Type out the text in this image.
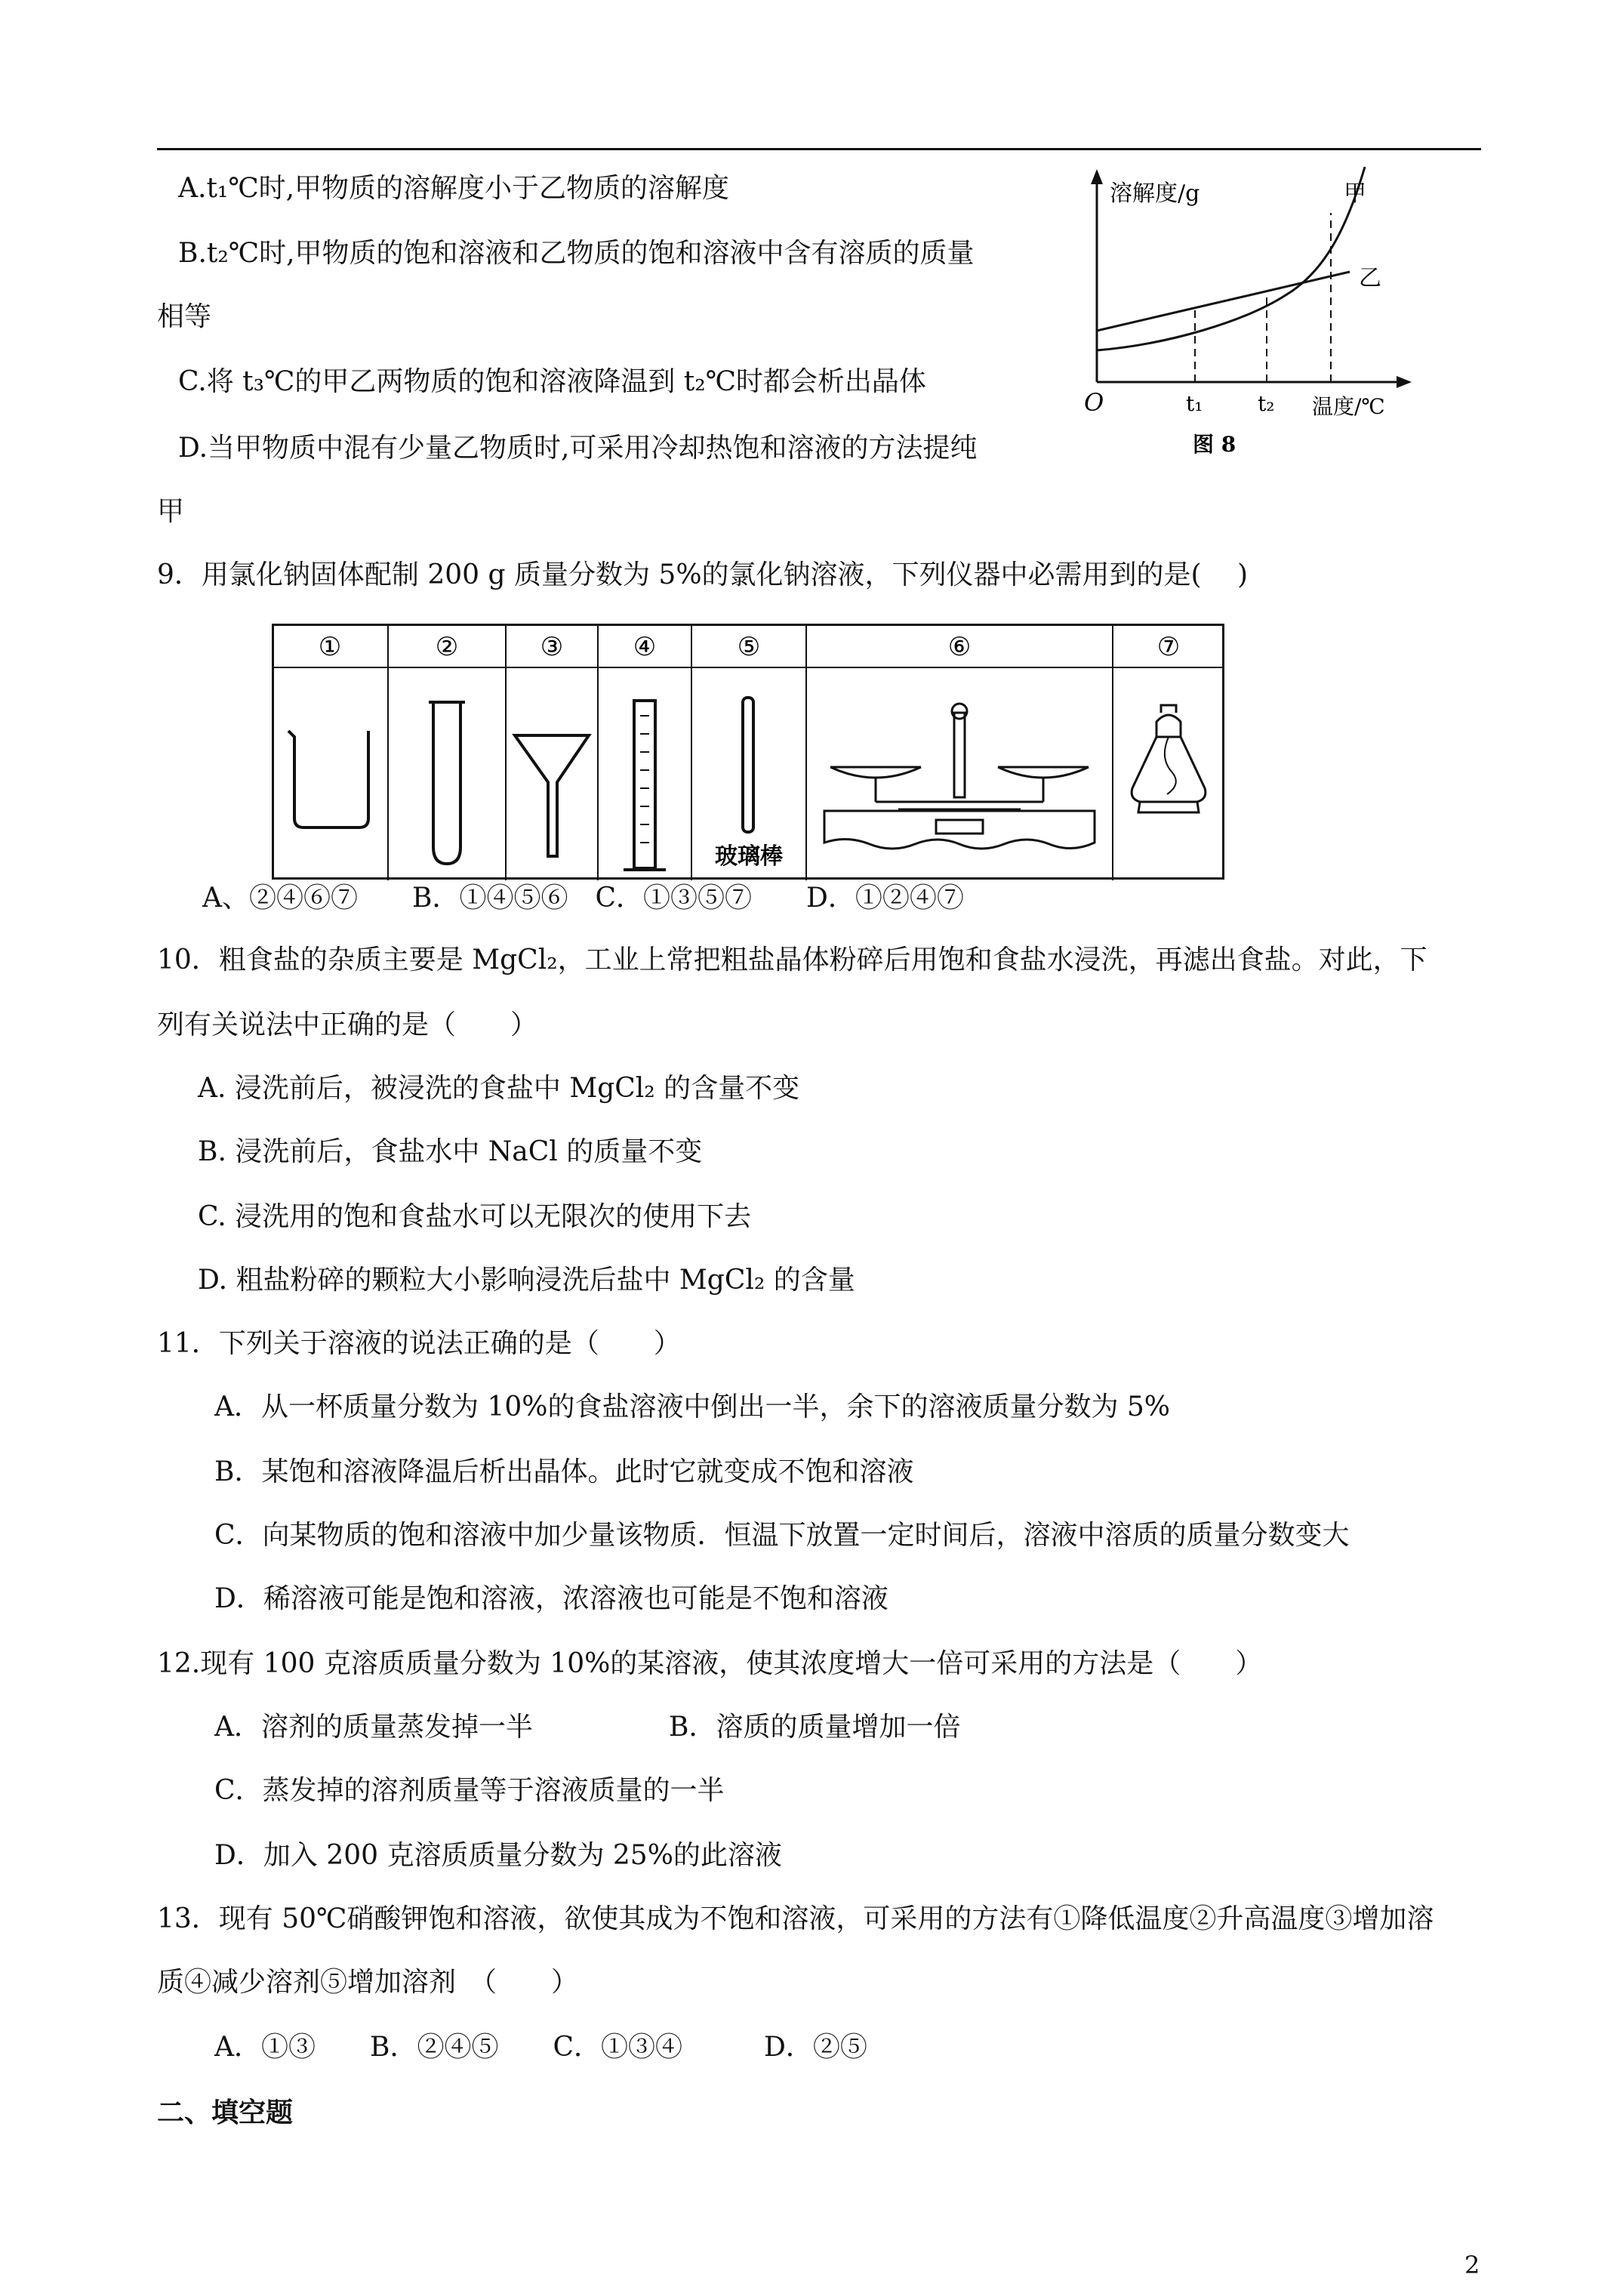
A.t₁℃时,甲物质的溶解度小于乙物质的溶解度
B.t₂℃时,甲物质的饱和溶液和乙物质的饱和溶液中含有溶质的质量
相等
C.将 t₃℃的甲乙两物质的饱和溶液降温到 t₂℃时都会析出晶体
D.当甲物质中混有少量乙物质时,可采用冷却热饱和溶液的方法提纯
甲
溶解度/g	甲
乙
O	t₁	t₂ 温度/℃
图 8
9．用氯化钠固体配制 200 g 质量分数为 5%的氯化钠溶液，下列仪器中必需用到的是(　 )
①	②	③	④	⑤	⑥	⑦
玻璃棒
A、②④⑥⑦　　B．①④⑤⑥　C．①③⑤⑦　　D．①②④⑦
10．粗食盐的杂质主要是 MgCl₂，工业上常把粗盐晶体粉碎后用饱和食盐水浸洗，再滤出食盐。对此，下
列有关说法中正确的是（　　）
A. 浸洗前后，被浸洗的食盐中 MgCl₂ 的含量不变
B. 浸洗前后，食盐水中 NaCl 的质量不变
C. 浸洗用的饱和食盐水可以无限次的使用下去
D. 粗盐粉碎的颗粒大小影响浸洗后盐中 MgCl₂ 的含量
11．下列关于溶液的说法正确的是（　　）
A．从一杯质量分数为 10%的食盐溶液中倒出一半，余下的溶液质量分数为 5%
B．某饱和溶液降温后析出晶体。此时它就变成不饱和溶液
C．向某物质的饱和溶液中加少量该物质．恒温下放置一定时间后，溶液中溶质的质量分数变大
D．稀溶液可能是饱和溶液，浓溶液也可能是不饱和溶液
12.现有 100 克溶质质量分数为 10%的某溶液，使其浓度增大一倍可采用的方法是（　　）
A．溶剂的质量蒸发掉一半	B．溶质的质量增加一倍
C．蒸发掉的溶剂质量等于溶液质量的一半
D．加入 200 克溶质质量分数为 25%的此溶液
13．现有 50℃硝酸钾饱和溶液，欲使其成为不饱和溶液，可采用的方法有①降低温度②升高温度③增加溶
质④减少溶剂⑤增加溶剂　（　　）
A．①③　　B．②④⑤　　C．①③④　　　D．②⑤
二、填空题
2
